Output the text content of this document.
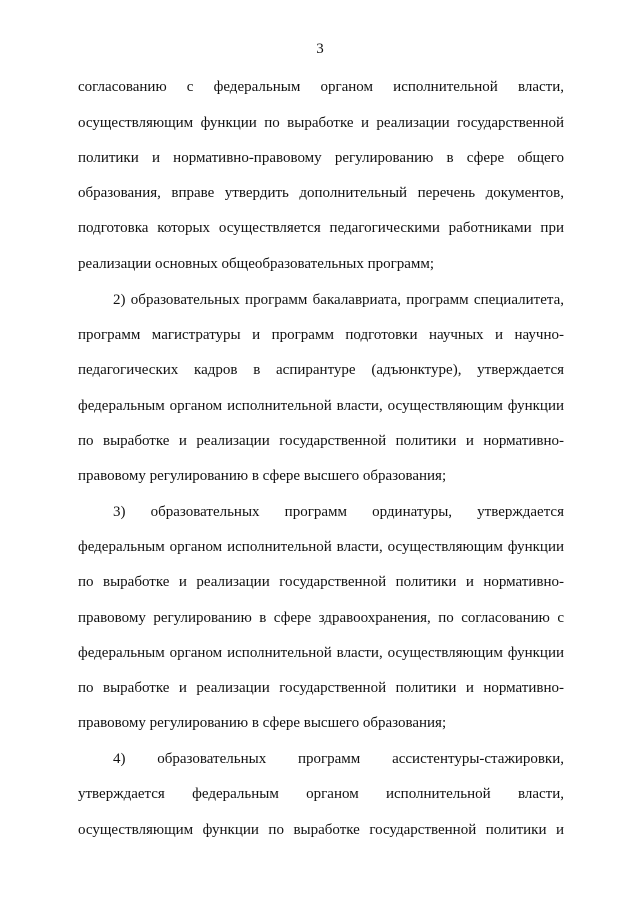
3
согласованию с федеральным органом исполнительной власти,
осуществляющим функции по выработке и реализации государственной
политики и нормативно-правовому регулированию в сфере общего
образования, вправе утвердить дополнительный перечень документов,
подготовка которых осуществляется педагогическими работниками при
реализации основных общеобразовательных программ;
2) образовательных программ бакалавриата, программ специалитета,
программ магистратуры и программ подготовки научных и научно-
педагогических кадров в аспирантуре (адъюнктуре), утверждается
федеральным органом исполнительной власти, осуществляющим функции
по выработке и реализации государственной политики и нормативно-
правовому регулированию в сфере высшего образования;
3) образовательных программ ординатуры, утверждается
федеральным органом исполнительной власти, осуществляющим функции
по выработке и реализации государственной политики и нормативно-
правовому регулированию в сфере здравоохранения, по согласованию с
федеральным органом исполнительной власти, осуществляющим функции
по выработке и реализации государственной политики и нормативно-
правовому регулированию в сфере высшего образования;
4) образовательных программ ассистентуры-стажировки,
утверждается федеральным органом исполнительной власти,
осуществляющим функции по выработке государственной политики и
